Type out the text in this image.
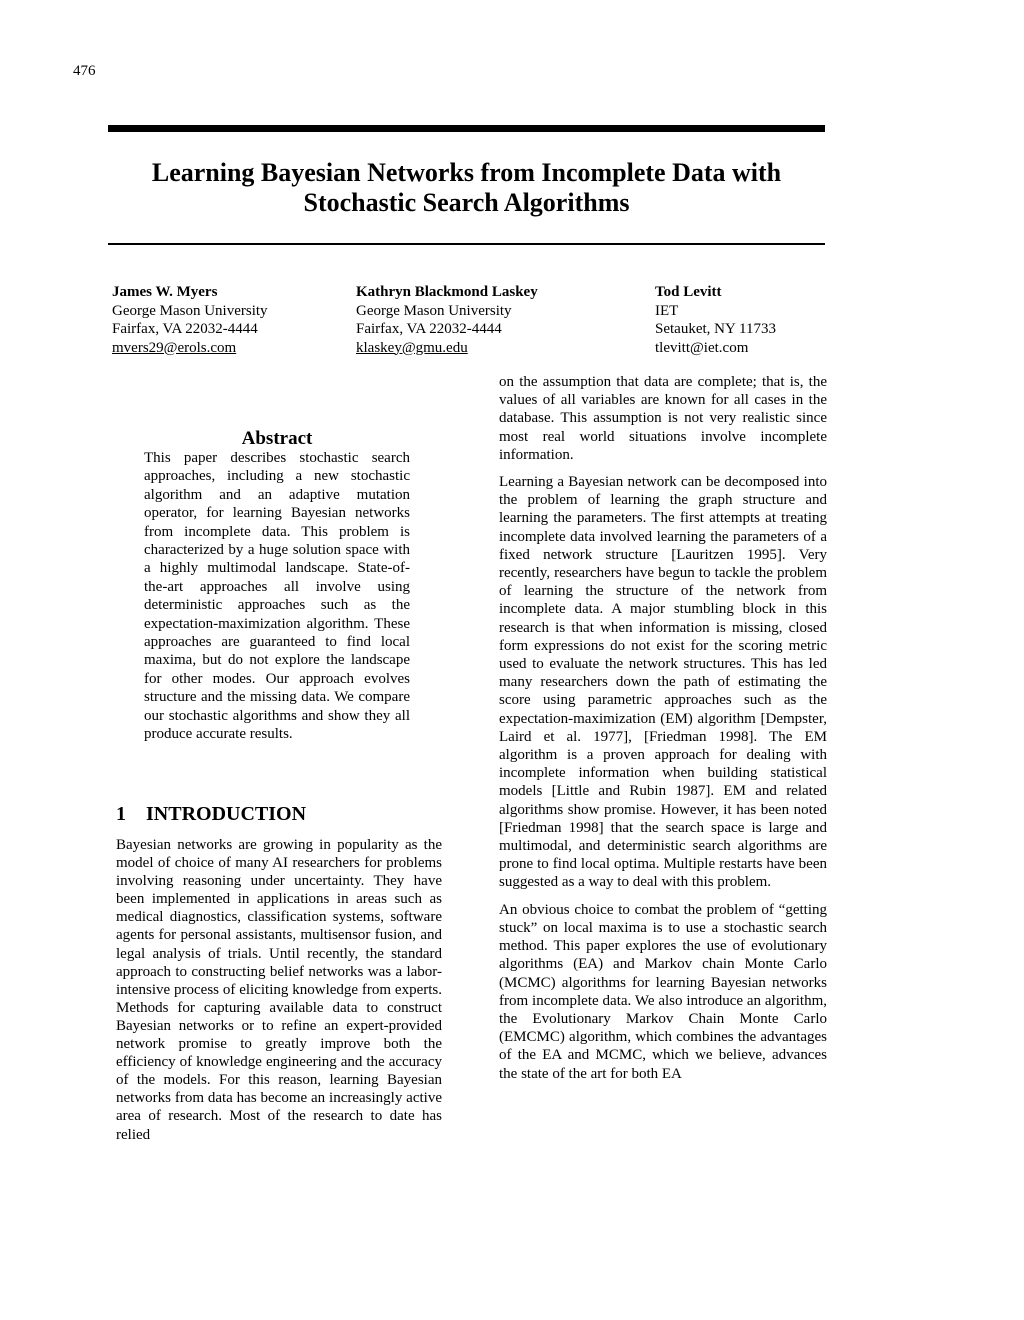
476
Learning Bayesian Networks from Incomplete Data with
Stochastic Search Algorithms
James W. Myers
George Mason University
Fairfax, VA 22032-4444
mvers29@erols.com
Kathryn Blackmond Laskey
George Mason University
Fairfax, VA 22032-4444
klaskey@gmu.edu
Tod Levitt
IET
Setauket, NY 11733
tlevitt@iet.com
Abstract

This paper describes stochastic search approaches, including a new stochastic algorithm and an adaptive mutation operator, for learning Bayesian networks from incomplete data. This problem is characterized by a huge solution space with a highly multimodal landscape. State-of-the-art approaches all involve using deterministic approaches such as the expectation-maximization algorithm. These approaches are guaranteed to find local maxima, but do not explore the landscape for other modes. Our approach evolves structure and the missing data. We compare our stochastic algorithms and show they all produce accurate results.

1 INTRODUCTION

Bayesian networks are growing in popularity as the model of choice of many AI researchers for problems involving reasoning under uncertainty. They have been implemented in applications in areas such as medical diagnostics, classification systems, software agents for personal assistants, multisensor fusion, and legal analysis of trials. Until recently, the standard approach to constructing belief networks was a labor-intensive process of eliciting knowledge from experts. Methods for capturing available data to construct Bayesian networks or to refine an expert-provided network promise to greatly improve both the efficiency of knowledge engineering and the accuracy of the models. For this reason, learning Bayesian networks from data has become an increasingly active area of research. Most of the research to date has relied

on the assumption that data are complete; that is, the values of all variables are known for all cases in the database. This assumption is not very realistic since most real world situations involve incomplete information.

Learning a Bayesian network can be decomposed into the problem of learning the graph structure and learning the parameters. The first attempts at treating incomplete data involved learning the parameters of a fixed network structure [Lauritzen 1995]. Very recently, researchers have begun to tackle the problem of learning the structure of the network from incomplete data. A major stumbling block in this research is that when information is missing, closed form expressions do not exist for the scoring metric used to evaluate the network structures. This has led many researchers down the path of estimating the score using parametric approaches such as the expectation-maximization (EM) algorithm [Dempster, Laird et al. 1977], [Friedman 1998]. The EM algorithm is a proven approach for dealing with incomplete information when building statistical models [Little and Rubin 1987]. EM and related algorithms show promise. However, it has been noted [Friedman 1998] that the search space is large and multimodal, and deterministic search algorithms are prone to find local optima. Multiple restarts have been suggested as a way to deal with this problem.

An obvious choice to combat the problem of “getting stuck” on local maxima is to use a stochastic search method. This paper explores the use of evolutionary algorithms (EA) and Markov chain Monte Carlo (MCMC) algorithms for learning Bayesian networks from incomplete data. We also introduce an algorithm, the Evolutionary Markov Chain Monte Carlo (EMCMC) algorithm, which combines the advantages of the EA and MCMC, which we believe, advances the state of the art for both EA
